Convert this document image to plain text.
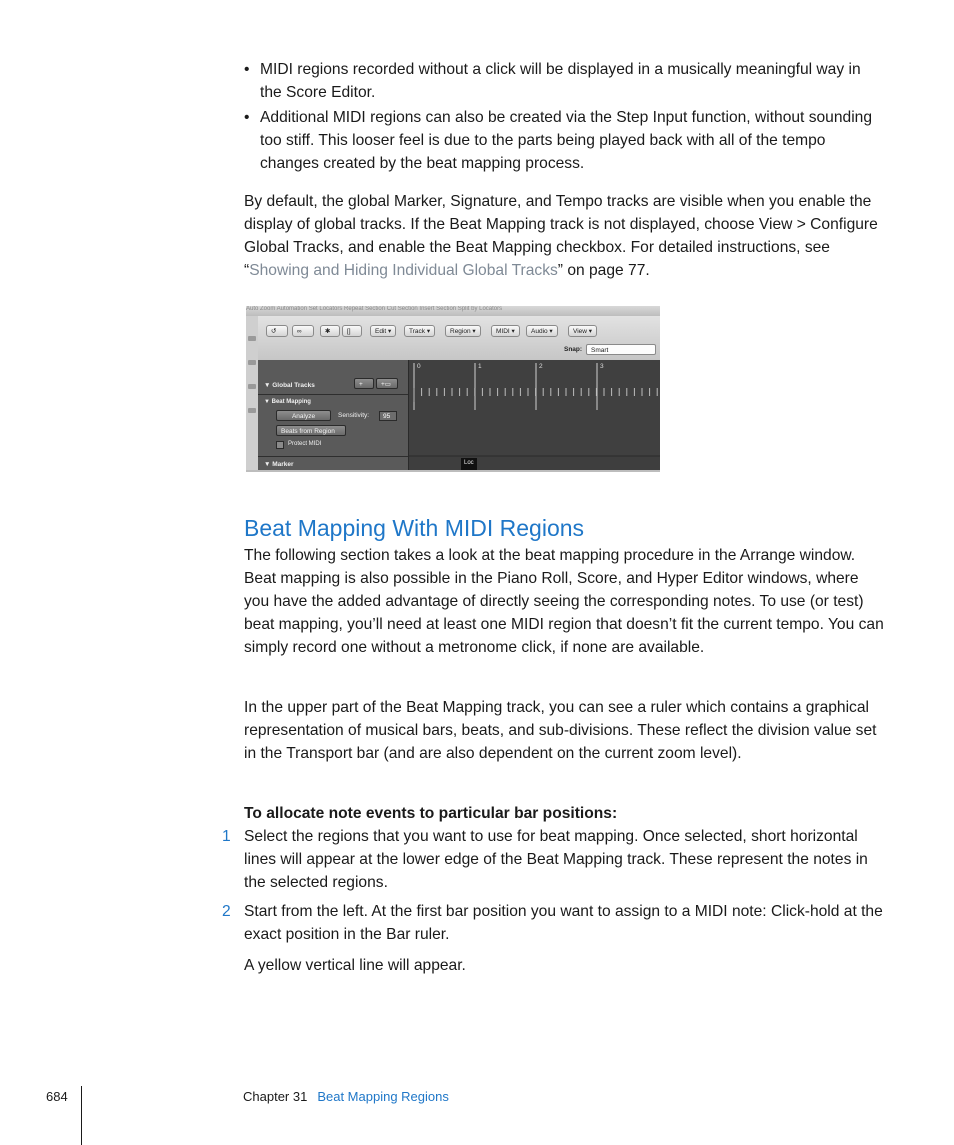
• MIDI regions recorded without a click will be displayed in a musically meaningful way in the Score Editor.
• Additional MIDI regions can also be created via the Step Input function, without sounding too stiff. This looser feel is due to the parts being played back with all of the tempo changes created by the beat mapping process.
By default, the global Marker, Signature, and Tempo tracks are visible when you enable the display of global tracks. If the Beat Mapping track is not displayed, choose View > Configure Global Tracks, and enable the Beat Mapping checkbox. For detailed instructions, see “Showing and Hiding Individual Global Tracks” on page 77.
Auto Zoom Automation Set Locators Repeat Section Cut Section Insert Section Split by Locators
↺	∞	✱	[]	Edit ▾	Track ▾	Region ▾	MIDI ▾	Audio ▾	View ▾
Snap:	Smart
▼ Global Tracks	+	+▭
▼ Beat Mapping
Analyze	Sensitivity:	95
Beats from Region
Protect MIDI
▼ Marker
0	1	2	3
Loc
Beat Mapping With MIDI Regions
The following section takes a look at the beat mapping procedure in the Arrange window. Beat mapping is also possible in the Piano Roll, Score, and Hyper Editor windows, where you have the added advantage of directly seeing the corresponding notes. To use (or test) beat mapping, you’ll need at least one MIDI region that doesn’t fit the current tempo. You can simply record one without a metronome click, if none are available.
In the upper part of the Beat Mapping track, you can see a ruler which contains a graphical representation of musical bars, beats, and sub-divisions. These reflect the division value set in the Transport bar (and are also dependent on the current zoom level).
To allocate note events to particular bar positions:
1 Select the regions that you want to use for beat mapping. Once selected, short horizontal lines will appear at the lower edge of the Beat Mapping track. These represent the notes in the selected regions.
2 Start from the left. At the first bar position you want to assign to a MIDI note: Click-hold at the exact position in the Bar ruler.
A yellow vertical line will appear.
684	Chapter 31 Beat Mapping Regions
